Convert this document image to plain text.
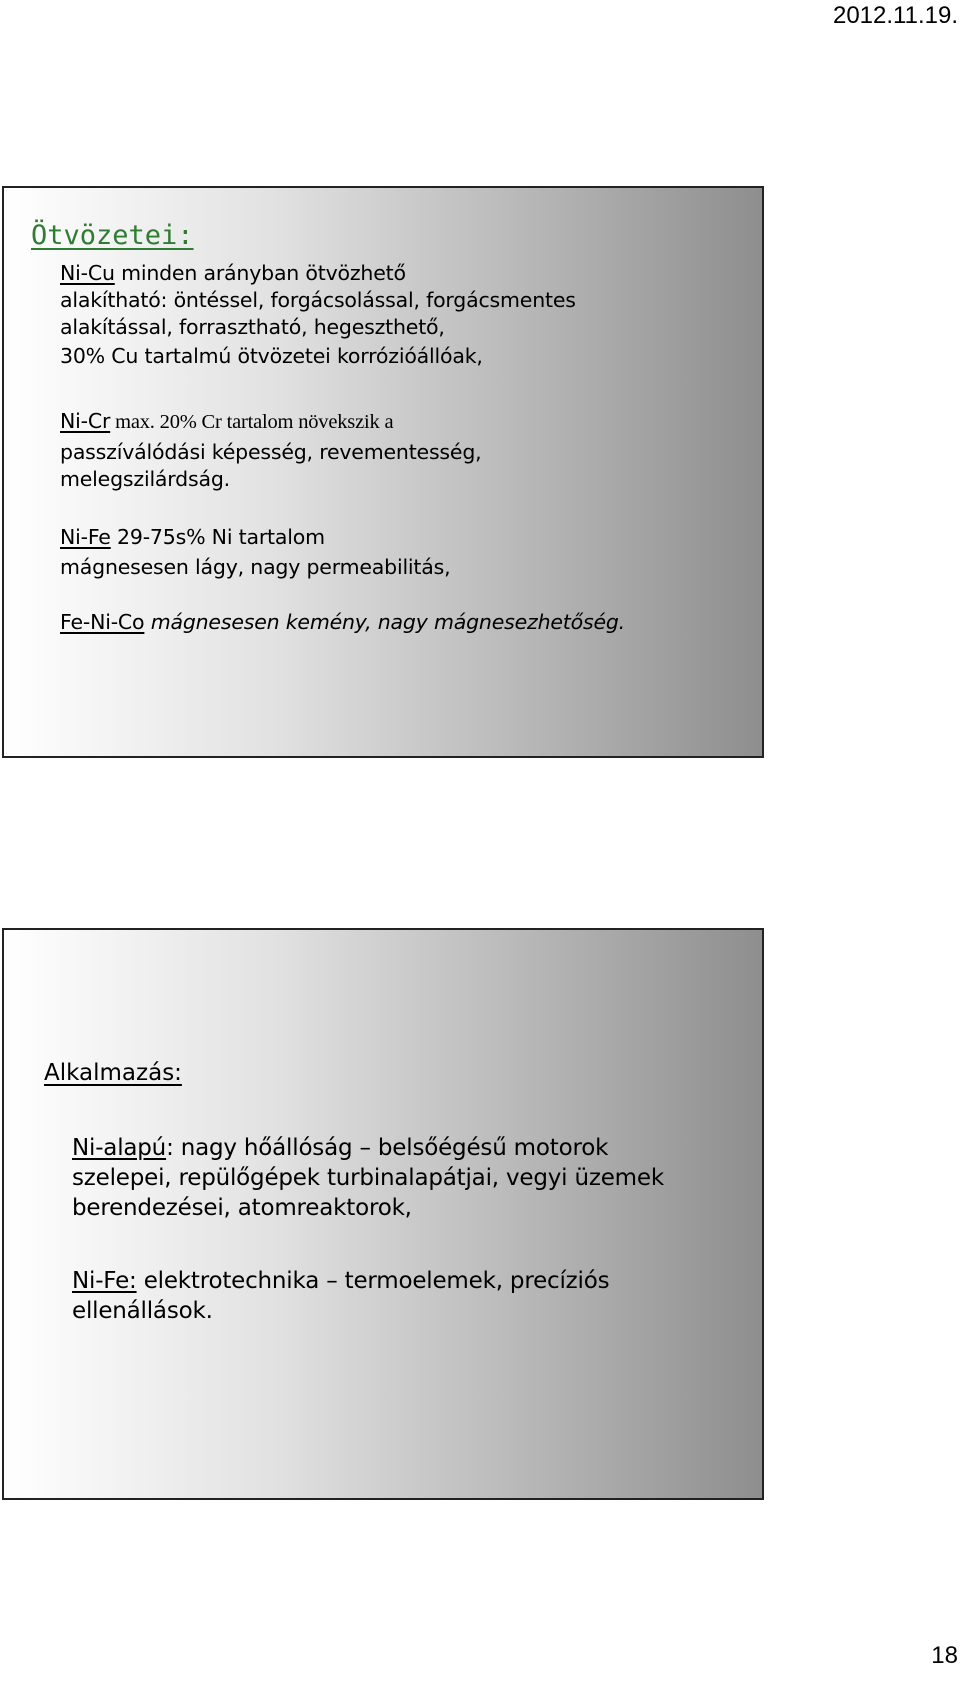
2012.11.19.
Ötvözetei:
Ni-Cu minden arányban ötvözhető
alakítható: öntéssel, forgácsolással, forgácsmentes
alakítással, forrasztható, hegeszthető,
30% Cu tartalmú ötvözetei korrózióállóak,
Ni-Cr max. 20% Cr tartalom növekszik a
passzíválódási képesség, revementesség,
melegszilárdság.
Ni-Fe 29-75s% Ni tartalom
mágnesesen lágy, nagy permeabilitás,
Fe-Ni-Co mágnesesen kemény, nagy mágnesezhetőség.
Alkalmazás:
Ni-alapú: nagy hőállóság – belsőégésű motorok
szelepei, repülőgépek turbinalapátjai, vegyi üzemek
berendezései, atomreaktorok,
Ni-Fe: elektrotechnika – termoelemek, precíziós
ellenállások.
18
